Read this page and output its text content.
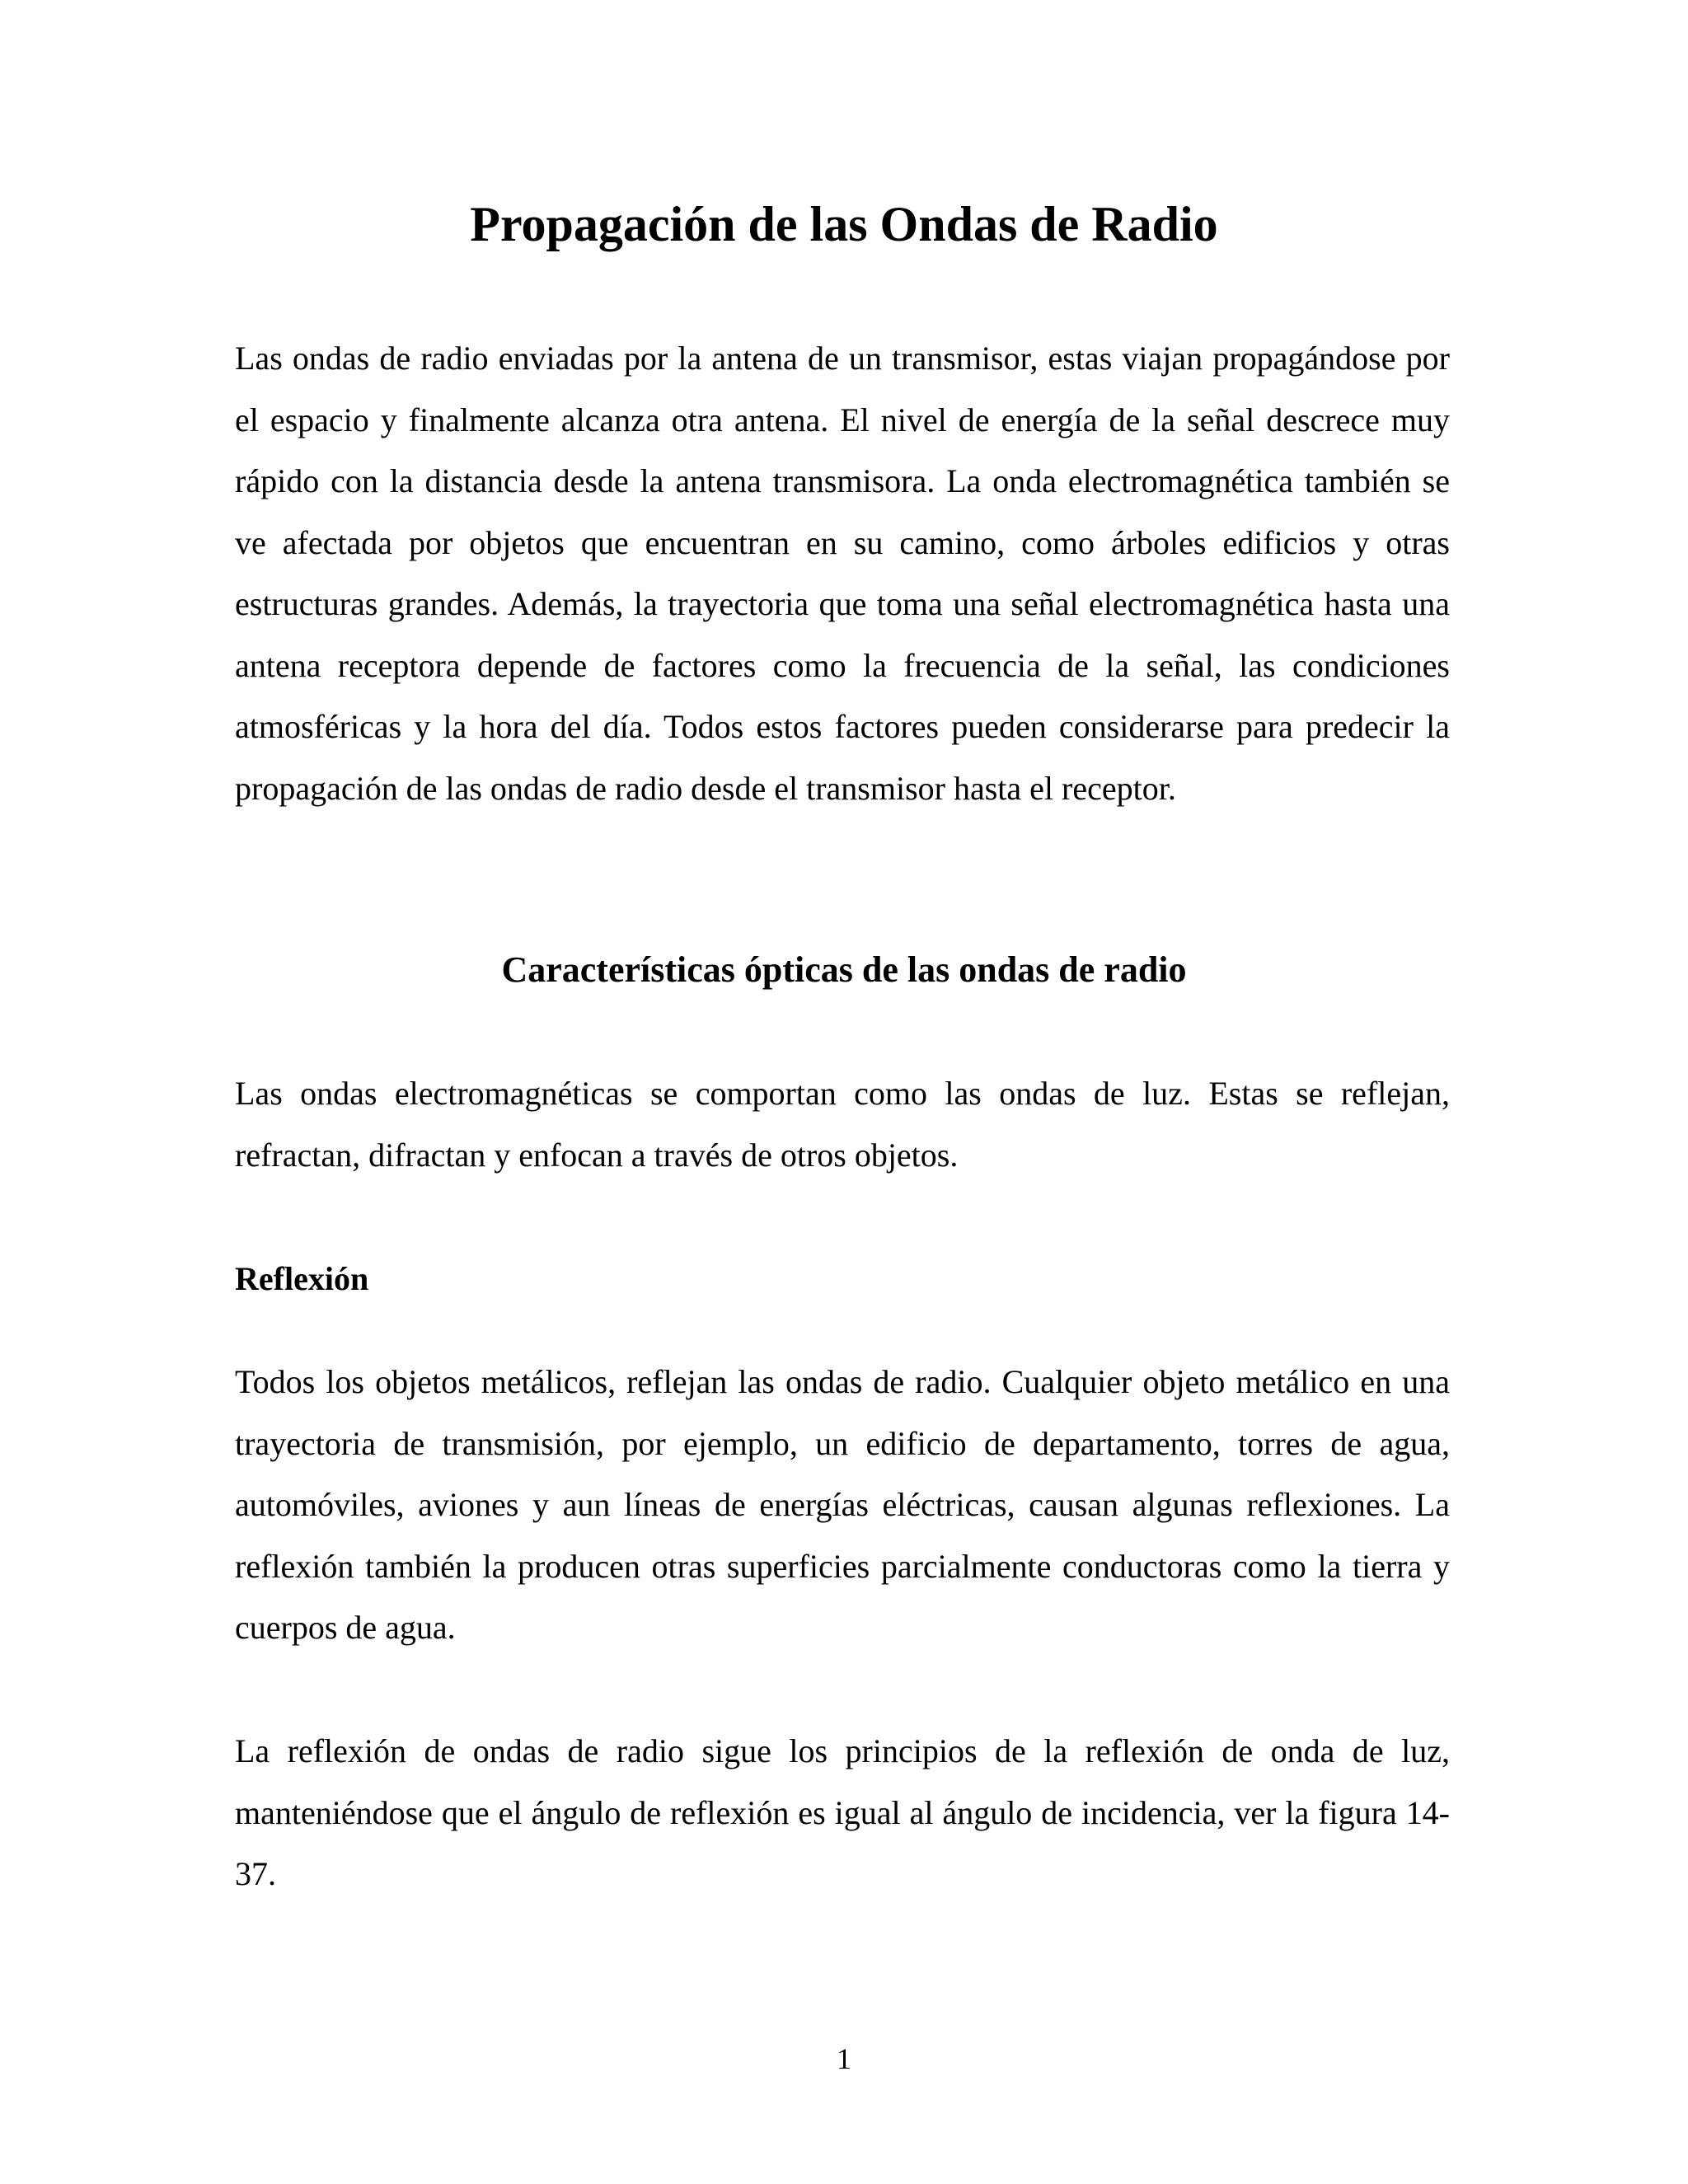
Propagación de las Ondas de Radio

Las ondas de radio enviadas por la antena de un transmisor, estas viajan propagándose por el espacio y finalmente alcanza otra antena. El nivel de energía de la señal descrece muy rápido con la distancia desde la antena transmisora. La onda electromagnética también se ve afectada por objetos que encuentran en su camino, como árboles edificios y otras estructuras grandes. Además, la trayectoria que toma una señal electromagnética hasta una antena receptora depende de factores como la frecuencia de la señal, las condiciones atmosféricas y la hora del día. Todos estos factores pueden considerarse para predecir la propagación de las ondas de radio desde el transmisor hasta el receptor.

Características ópticas de las ondas de radio

Las ondas electromagnéticas se comportan como las ondas de luz. Estas se reflejan, refractan, difractan y enfocan a través de otros objetos.

Reflexión

Todos los objetos metálicos, reflejan las ondas de radio. Cualquier objeto metálico en una trayectoria de transmisión, por ejemplo, un edificio de departamento, torres de agua, automóviles, aviones y aun líneas de energías eléctricas, causan algunas reflexiones. La reflexión también la producen otras superficies parcialmente conductoras como la tierra y cuerpos de agua.

La reflexión de ondas de radio sigue los principios de la reflexión de onda de luz, manteniéndose que el ángulo de reflexión es igual al ángulo de incidencia, ver la figura 14-37.

1
